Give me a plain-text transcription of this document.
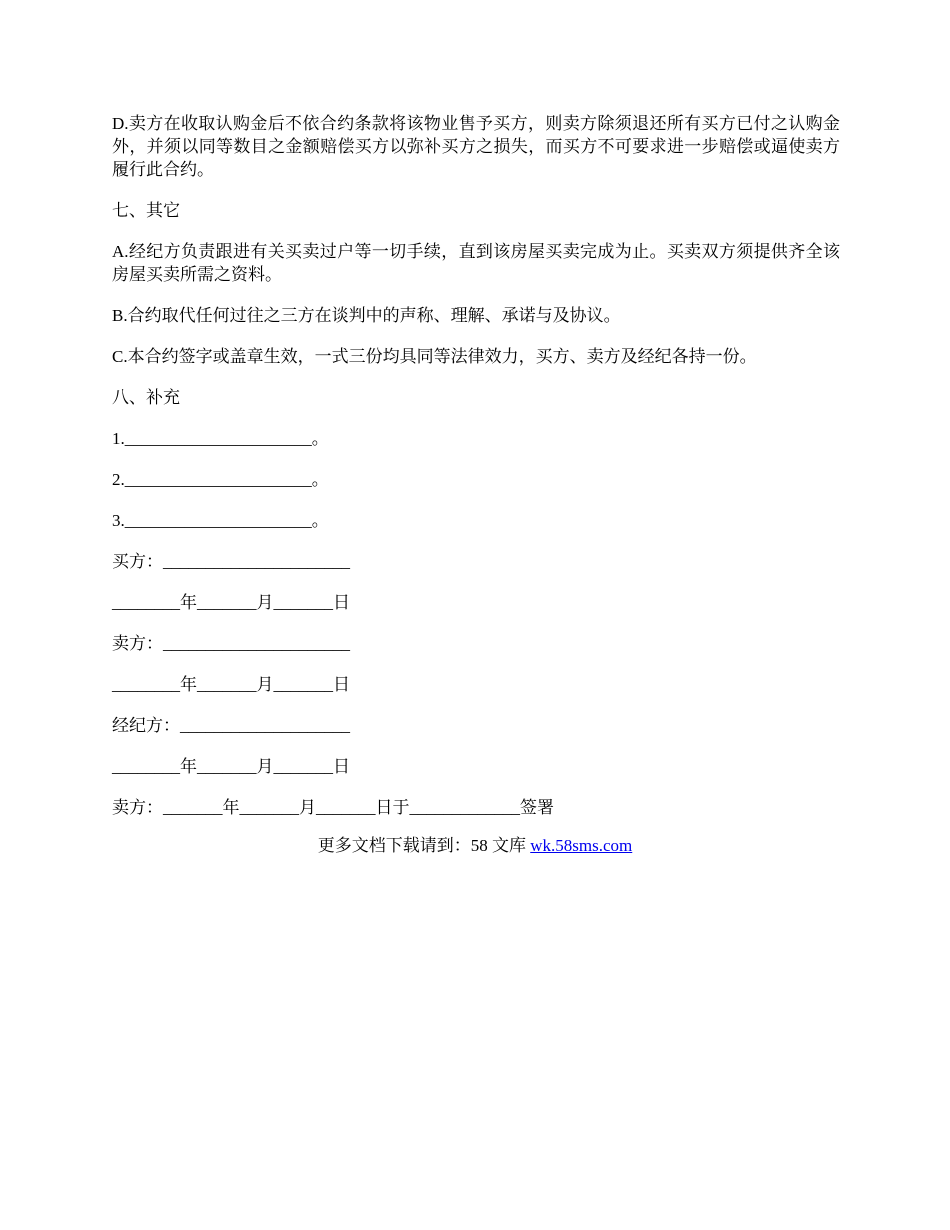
D.卖方在收取认购金后不依合约条款将该物业售予买方，则卖方除须退还所有买方已付之认购金外，并须以同等数目之金额赔偿买方以弥补买方之损失，而买方不可要求进一步赔偿或逼使卖方履行此合约。

七、其它

A.经纪方负责跟进有关买卖过户等一切手续，直到该房屋买卖完成为止。买卖双方须提供齐全该房屋买卖所需之资料。

B.合约取代任何过往之三方在谈判中的声称、理解、承诺与及协议。

C.本合约签字或盖章生效，一式三份均具同等法律效力，买方、卖方及经纪各持一份。

八、补充

1.______________________。

2.______________________。

3.______________________。

买方：______________________

________年_______月_______日

卖方：______________________

________年_______月_______日

经纪方：____________________

________年_______月_______日

卖方：_______年_______月_______日于_____________签署

更多文档下载请到：58 文库 wk.58sms.com
